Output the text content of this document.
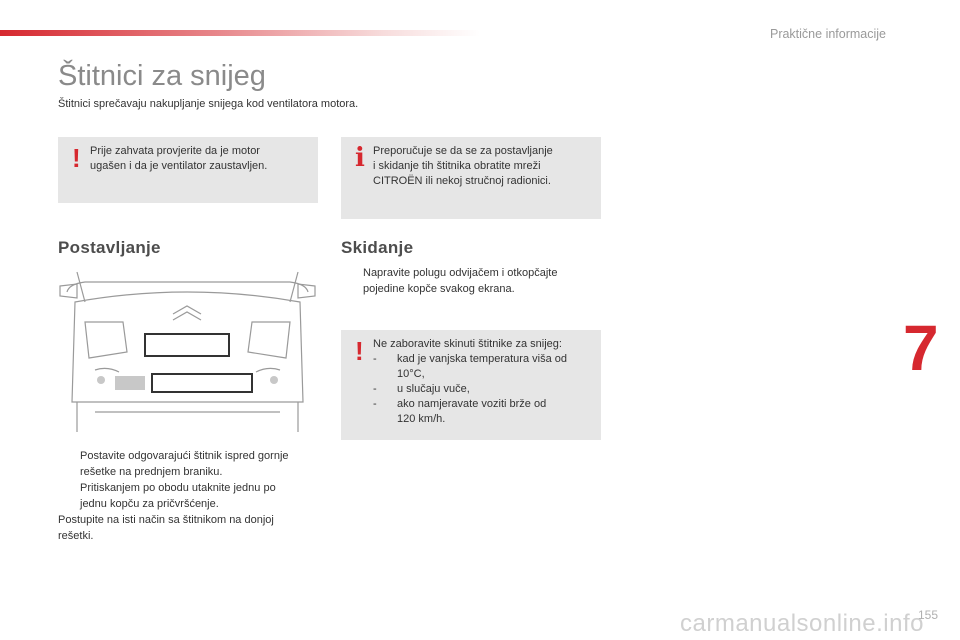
Praktične informacije
Štitnici za snijeg
Štitnici sprečavaju nakupljanje snijega kod ventilatora motora.
! Prije zahvata provjerite da je motor
ugašen i da je ventilator zaustavljen.	i Preporučuje se da se za postavljanje
i skidanje tih štitnika obratite mreži
CITROËN ili nekoj stručnoj radionici.
Postavljanje
Postavite odgovarajući štitnik ispred gornje
rešetke na prednjem braniku.
Pritiskanjem po obodu utaknite jednu po
jednu kopču za pričvršćenje.
Postupite na isti način sa štitnikom na donjoj
rešetki.
Skidanje
Napravite polugu odvijačem i otkopčajte
pojedine kopče svakog ekrana.
! Ne zaboravite skinuti štitnike za snijeg:
- kad je vanjska temperatura viša od
10°C,
- u slučaju vuče,
- ako namjeravate voziti brže od
120 km/h.
7
carmanualsonline.info
155
